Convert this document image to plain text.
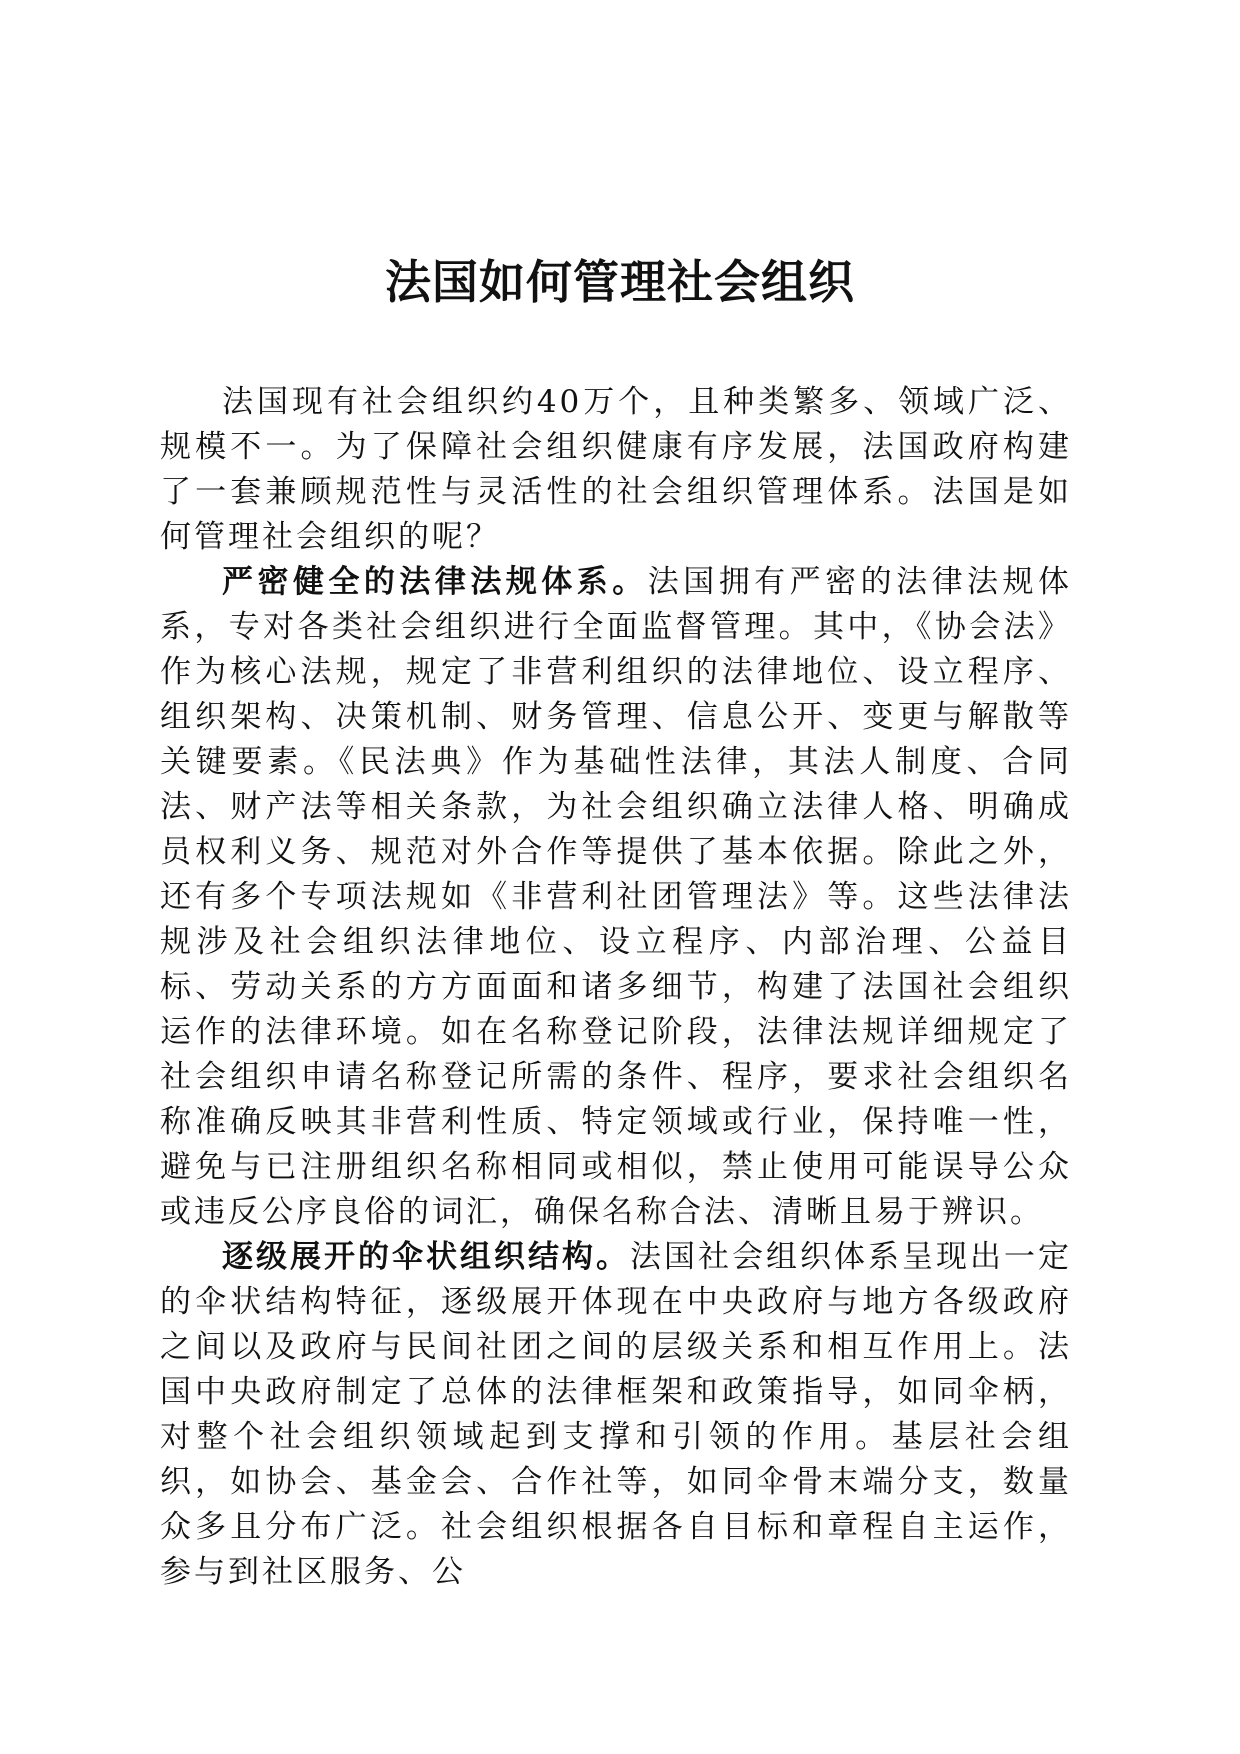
法国如何管理社会组织

法国现有社会组织约40万个，且种类繁多、领域广泛、规模不一。为了保障社会组织健康有序发展，法国政府构建了一套兼顾规范性与灵活性的社会组织管理体系。法国是如何管理社会组织的呢？

严密健全的法律法规体系。法国拥有严密的法律法规体系，专对各类社会组织进行全面监督管理。其中，《协会法》作为核心法规，规定了非营利组织的法律地位、设立程序、组织架构、决策机制、财务管理、信息公开、变更与解散等关键要素。《民法典》作为基础性法律，其法人制度、合同法、财产法等相关条款，为社会组织确立法律人格、明确成员权利义务、规范对外合作等提供了基本依据。除此之外，还有多个专项法规如《非营利社团管理法》等。这些法律法规涉及社会组织法律地位、设立程序、内部治理、公益目标、劳动关系的方方面面和诸多细节，构建了法国社会组织运作的法律环境。如在名称登记阶段，法律法规详细规定了社会组织申请名称登记所需的条件、程序，要求社会组织名称准确反映其非营利性质、特定领域或行业，保持唯一性，避免与已注册组织名称相同或相似，禁止使用可能误导公众或违反公序良俗的词汇，确保名称合法、清晰且易于辨识。

逐级展开的伞状组织结构。法国社会组织体系呈现出一定的伞状结构特征，逐级展开体现在中央政府与地方各级政府之间以及政府与民间社团之间的层级关系和相互作用上。法国中央政府制定了总体的法律框架和政策指导，如同伞柄，对整个社会组织领域起到支撑和引领的作用。基层社会组织，如协会、基金会、合作社等，如同伞骨末端分支，数量众多且分布广泛。社会组织根据各自目标和章程自主运作，参与到社区服务、公
